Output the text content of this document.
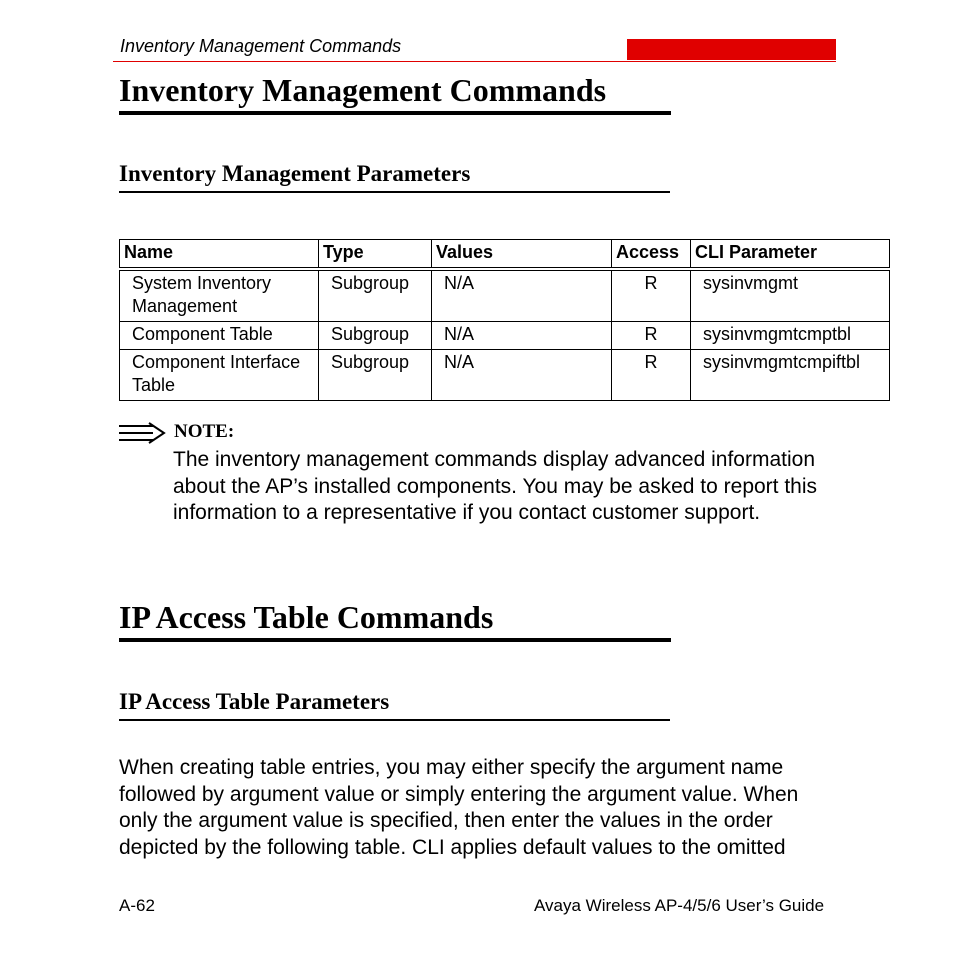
Inventory Management Commands
Inventory Management Commands
Inventory Management Parameters
Name	Type	Values	Access	CLI Parameter
System Inventory Management	Subgroup	N/A	R	sysinvmgmt
Component Table	Subgroup	N/A	R	sysinvmgmtcmptbl
Component Interface Table	Subgroup	N/A	R	sysinvmgmtcmpiftbl
NOTE:
The inventory management commands display advanced information about the AP’s installed components. You may be asked to report this information to a representative if you contact customer support.
IP Access Table Commands
IP Access Table Parameters
When creating table entries, you may either specify the argument name followed by argument value or simply entering the argument value. When only the argument value is specified, then enter the values in the order depicted by the following table. CLI applies default values to the omitted
A-62	Avaya Wireless AP-4/5/6 User’s Guide
